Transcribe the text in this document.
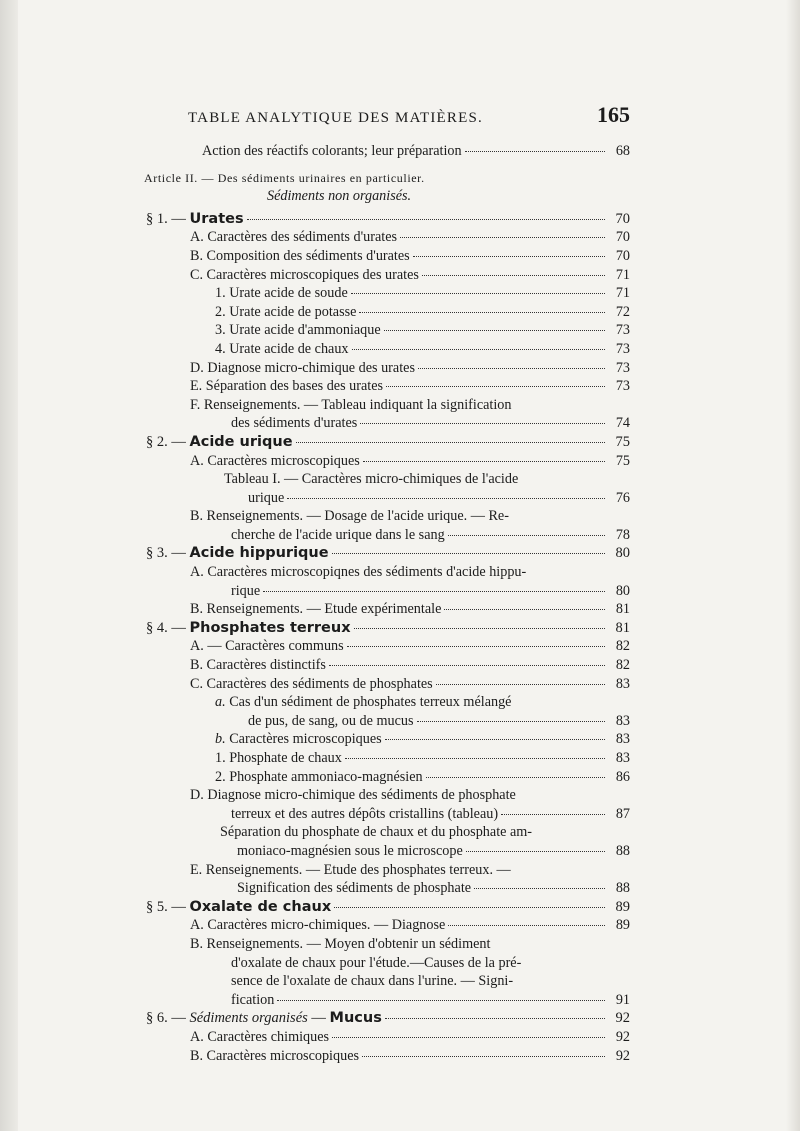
TABLE ANALYTIQUE DES MATIÈRES.	165
Action des réactifs colorants; leur préparation	68
Article II. — Des sédiments urinaires en particulier.
Sédiments non organisés.
§ 1. — Urates	70
A. Caractères des sédiments d'urates	70
B. Composition des sédiments d'urates	70
C. Caractères microscopiques des urates	71
1. Urate acide de soude	71
2. Urate acide de potasse	72
3. Urate acide d'ammoniaque	73
4. Urate acide de chaux	73
D. Diagnose micro-chimique des urates	73
E. Séparation des bases des urates	73
F. Renseignements. — Tableau indiquant la signification
des sédiments d'urates	74
§ 2. — Acide urique	75
A. Caractères microscopiques	75
Tableau I. — Caractères micro-chimiques de l'acide
urique	76
B. Renseignements. — Dosage de l'acide urique. — Re-
cherche de l'acide urique dans le sang	78
§ 3. — Acide hippurique	80
A. Caractères microscopiqnes des sédiments d'acide hippu-
rique	80
B. Renseignements. — Etude expérimentale	81
§ 4. — Phosphates terreux	81
A. — Caractères communs	82
B. Caractères distinctifs	82
C. Caractères des sédiments de phosphates	83
a. Cas d'un sédiment de phosphates terreux mélangé
de pus, de sang, ou de mucus	83
b. Caractères microscopiques	83
1. Phosphate de chaux	83
2. Phosphate ammoniaco-magnésien	86
D. Diagnose micro-chimique des sédiments de phosphate
terreux et des autres dépôts cristallins (tableau)	87
Séparation du phosphate de chaux et du phosphate am-
moniaco-magnésien sous le microscope	88
E. Renseignements. — Etude des phosphates terreux. —
Signification des sédiments de phosphate	88
§ 5. — Oxalate de chaux	89
A. Caractères micro-chimiques. — Diagnose	89
B. Renseignements. — Moyen d'obtenir un sédiment
d'oxalate de chaux pour l'étude.—Causes de la pré-
sence de l'oxalate de chaux dans l'urine. — Signi-
fication	91
§ 6. — Sédiments organisés — Mucus	92
A. Caractères chimiques	92
B. Caractères microscopiques	92
